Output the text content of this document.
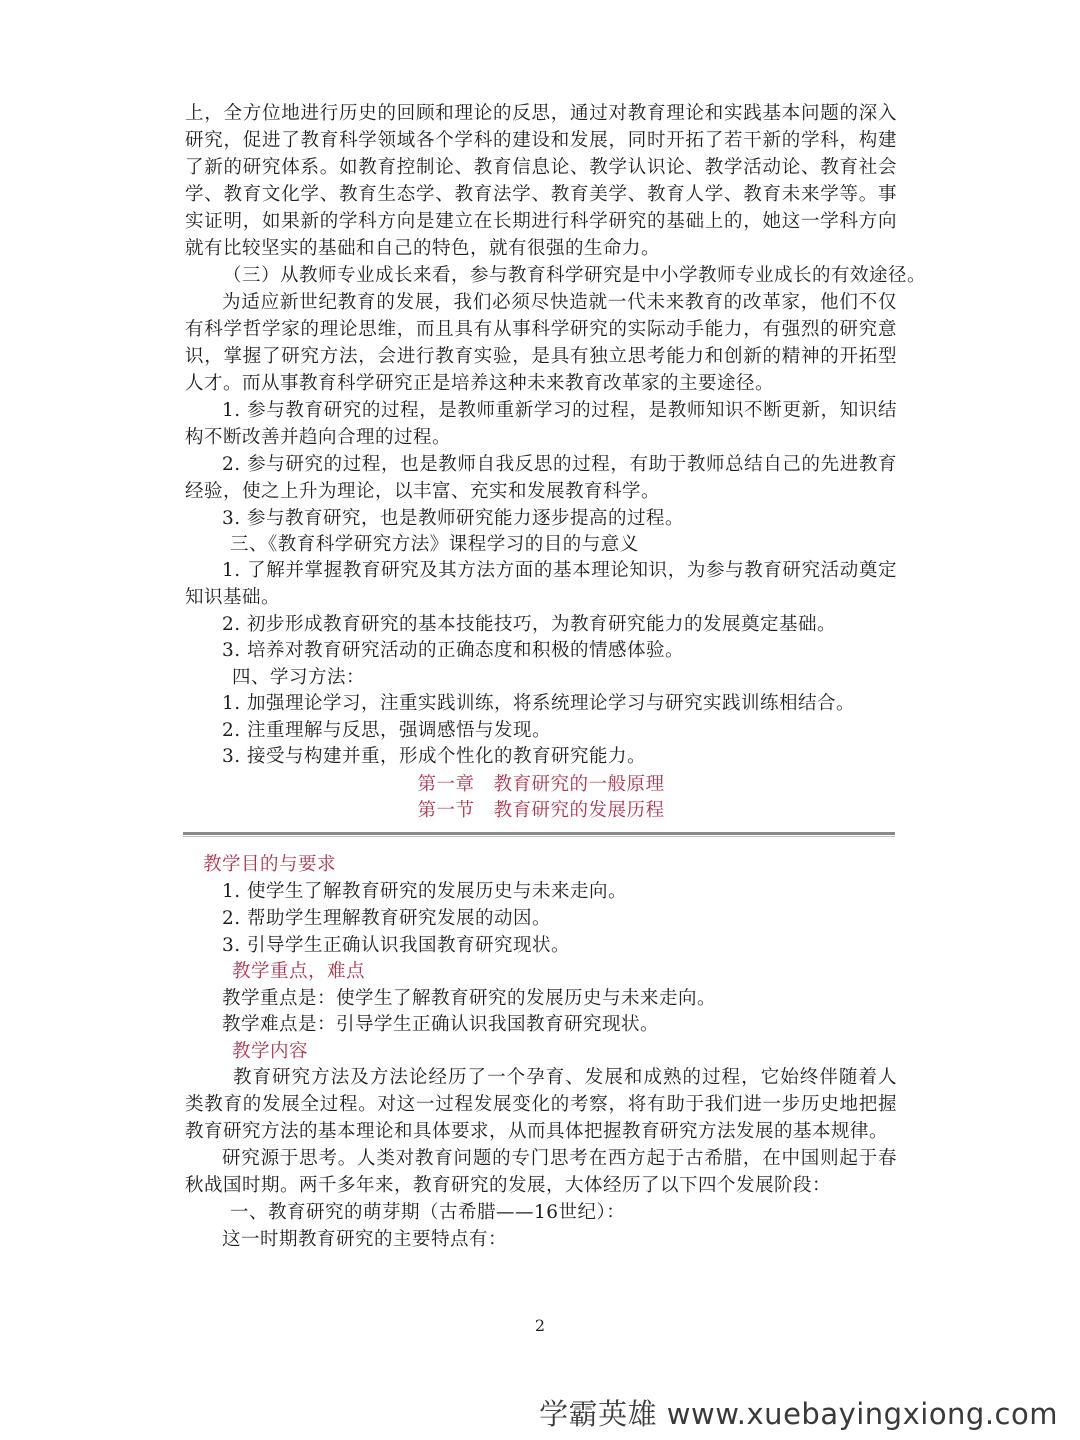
上，全方位地进行历史的回顾和理论的反思，通过对教育理论和实践基本问题的深入研究，促进了教育科学领域各个学科的建设和发展，同时开拓了若干新的学科，构建了新的研究体系。如教育控制论、教育信息论、教学认识论、教学活动论、教育社会学、教育文化学、教育生态学、教育法学、教育美学、教育人学、教育未来学等。事实证明，如果新的学科方向是建立在长期进行科学研究的基础上的，她这一学科方向就有比较坚实的基础和自己的特色，就有很强的生命力。

（三）从教师专业成长来看，参与教育科学研究是中小学教师专业成长的有效途径。

为适应新世纪教育的发展，我们必须尽快造就一代未来教育的改革家，他们不仅有科学哲学家的理论思维，而且具有从事科学研究的实际动手能力，有强烈的研究意识，掌握了研究方法，会进行教育实验，是具有独立思考能力和创新的精神的开拓型人才。而从事教育科学研究正是培养这种未来教育改革家的主要途径。

1. 参与教育研究的过程，是教师重新学习的过程，是教师知识不断更新，知识结构不断改善并趋向合理的过程。

2. 参与研究的过程，也是教师自我反思的过程，有助于教师总结自己的先进教育经验，使之上升为理论，以丰富、充实和发展教育科学。

3. 参与教育研究，也是教师研究能力逐步提高的过程。
三、《教育科学研究方法》课程学习的目的与意义

1. 了解并掌握教育研究及其方法方面的基本理论知识，为参与教育研究活动奠定知识基础。

2. 初步形成教育研究的基本技能技巧，为教育研究能力的发展奠定基础。
3. 培养对教育研究活动的正确态度和积极的情感体验。
四、学习方法：
1. 加强理论学习，注重实践训练，将系统理论学习与研究实践训练相结合。
2. 注重理解与反思，强调感悟与发现。
3. 接受与构建并重，形成个性化的教育研究能力。
第一章　教育研究的一般原理
第一节　教育研究的发展历程
教学目的与要求
1. 使学生了解教育研究的发展历史与未来走向。
2. 帮助学生理解教育研究发展的动因。
3. 引导学生正确认识我国教育研究现状。
教学重点，难点
教学重点是：使学生了解教育研究的发展历史与未来走向。
教学难点是：引导学生正确认识我国教育研究现状。
教学内容

教育研究方法及方法论经历了一个孕育、发展和成熟的过程，它始终伴随着人类教育的发展全过程。对这一过程发展变化的考察，将有助于我们进一步历史地把握教育研究方法的基本理论和具体要求，从而具体把握教育研究方法发展的基本规律。

研究源于思考。人类对教育问题的专门思考在西方起于古希腊，在中国则起于春秋战国时期。两千多年来，教育研究的发展，大体经历了以下四个发展阶段：

一、教育研究的萌芽期（古希腊——16世纪）：
这一时期教育研究的主要特点有：
2
学霸英雄 www.xuebayingxiong.com
